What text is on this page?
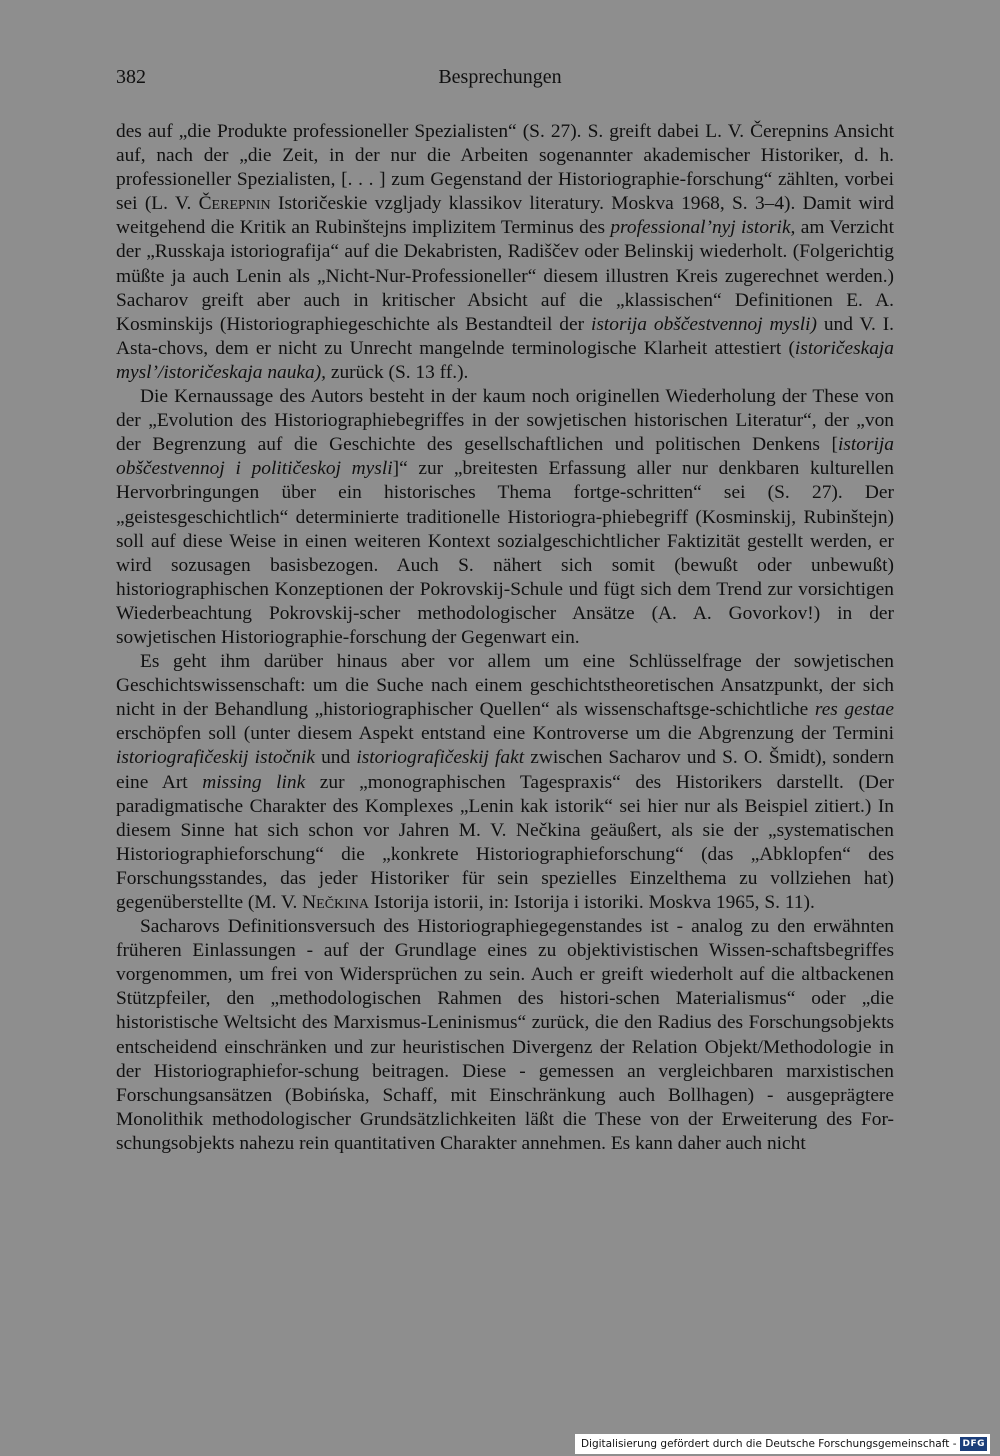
382	Besprechungen

des auf „die Produkte professioneller Spezialisten“ (S. 27). S. greift dabei L. V. Čerepnins Ansicht auf, nach der „die Zeit, in der nur die Arbeiten sogenannter akademischer Historiker, d. h. professioneller Spezialisten, [. . . ] zum Gegenstand der Historiographie-forschung“ zählten, vorbei sei (L. V. Čerepnin Istoričeskie vzgljady klassikov literatury. Moskva 1968, S. 3–4). Damit wird weitgehend die Kritik an Rubinštejns implizitem Terminus des professional’nyj istorik, am Verzicht der „Russkaja istoriografija“ auf die Dekabristen, Radiščev oder Belinskij wiederholt. (Folgerichtig müßte ja auch Lenin als „Nicht-Nur-Professioneller“ diesem illustren Kreis zugerechnet werden.) Sacharov greift aber auch in kritischer Absicht auf die „klassischen“ Definitionen E. A. Kosminskijs (Historiographiegeschichte als Bestandteil der istorija obščestvennoj mysli) und V. I. Asta-chovs, dem er nicht zu Unrecht mangelnde terminologische Klarheit attestiert (istoričeskaja mysl’/istoričeskaja nauka), zurück (S. 13 ff.).

Die Kernaussage des Autors besteht in der kaum noch originellen Wiederholung der These von der „Evolution des Historiographiebegriffes in der sowjetischen historischen Literatur“, der „von der Begrenzung auf die Geschichte des gesellschaftlichen und politischen Denkens [istorija obščestvennoj i političeskoj mysli]“ zur „breitesten Erfassung aller nur denkbaren kulturellen Hervorbringungen über ein historisches Thema fortge-schritten“ sei (S. 27). Der „geistesgeschichtlich“ determinierte traditionelle Historiogra-phiebegriff (Kosminskij, Rubinštejn) soll auf diese Weise in einen weiteren Kontext sozialgeschichtlicher Faktizität gestellt werden, er wird sozusagen basisbezogen. Auch S. nähert sich somit (bewußt oder unbewußt) historiographischen Konzeptionen der Pokrovskij-Schule und fügt sich dem Trend zur vorsichtigen Wiederbeachtung Pokrovskij-scher methodologischer Ansätze (A. A. Govorkov!) in der sowjetischen Historiographie-forschung der Gegenwart ein.

Es geht ihm darüber hinaus aber vor allem um eine Schlüsselfrage der sowjetischen Geschichtswissenschaft: um die Suche nach einem geschichtstheoretischen Ansatzpunkt, der sich nicht in der Behandlung „historiographischer Quellen“ als wissenschaftsge-schichtliche res gestae erschöpfen soll (unter diesem Aspekt entstand eine Kontroverse um die Abgrenzung der Termini istoriografičeskij istočnik und istoriografičeskij fakt zwischen Sacharov und S. O. Šmidt), sondern eine Art missing link zur „monographischen Tagespraxis“ des Historikers darstellt. (Der paradigmatische Charakter des Komplexes „Lenin kak istorik“ sei hier nur als Beispiel zitiert.) In diesem Sinne hat sich schon vor Jahren M. V. Nečkina geäußert, als sie der „systematischen Historiographieforschung“ die „konkrete Historiographieforschung“ (das „Abklopfen“ des Forschungsstandes, das jeder Historiker für sein spezielles Einzelthema zu vollziehen hat) gegenüberstellte (M. V. Nečkina Istorija istorii, in: Istorija i istoriki. Moskva 1965, S. 11).

Sacharovs Definitionsversuch des Historiographiegegenstandes ist - analog zu den erwähnten früheren Einlassungen - auf der Grundlage eines zu objektivistischen Wissen-schaftsbegriffes vorgenommen, um frei von Widersprüchen zu sein. Auch er greift wiederholt auf die altbackenen Stützpfeiler, den „methodologischen Rahmen des histori-schen Materialismus“ oder „die historistische Weltsicht des Marxismus-Leninismus“ zurück, die den Radius des Forschungsobjekts entscheidend einschränken und zur heuristischen Divergenz der Relation Objekt/Methodologie in der Historiographiefor-schung beitragen. Diese - gemessen an vergleichbaren marxistischen Forschungsansätzen (Bobińska, Schaff, mit Einschränkung auch Bollhagen) - ausgeprägtere Monolithik methodologischer Grundsätzlichkeiten läßt die These von der Erweiterung des For-schungsobjekts nahezu rein quantitativen Charakter annehmen. Es kann daher auch nicht

Digitalisierung gefördert durch die Deutsche Forschungsgemeinschaft - DFG
